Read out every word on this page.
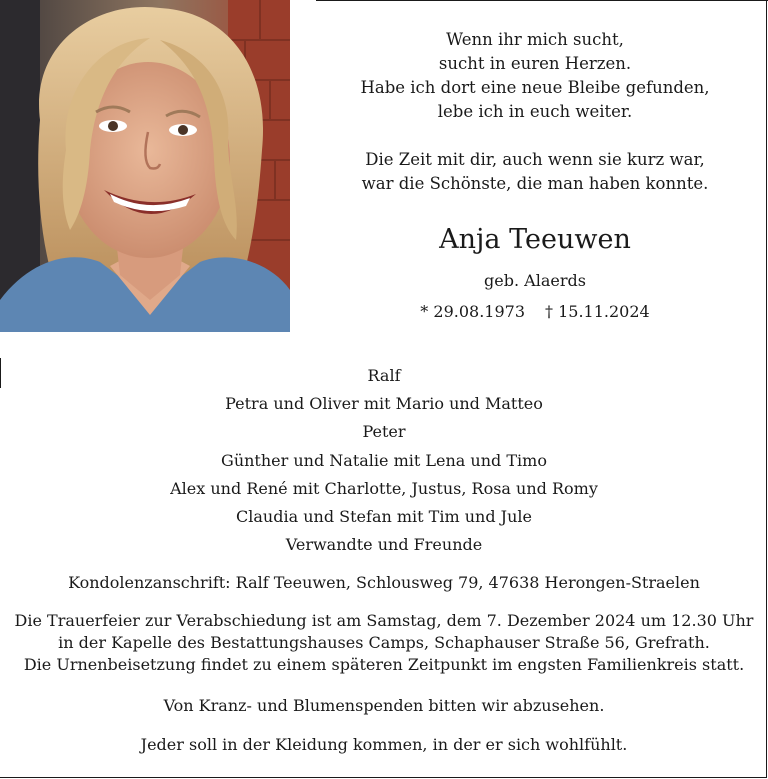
Wenn ihr mich sucht,

sucht in euren Herzen.

Habe ich dort eine neue Bleibe gefunden,

lebe ich in euch weiter.

Die Zeit mit dir, auch wenn sie kurz war,

war die Schönste, die man haben konnte.

Anja Teeuwen
geb. Alaerds
* 29.08.1973 † 15.11.2024

Ralf

Petra und Oliver mit Mario und Matteo

Peter

Günther und Natalie mit Lena und Timo

Alex und René mit Charlotte, Justus, Rosa und Romy

Claudia und Stefan mit Tim und Jule

Verwandte und Freunde

Kondolenzanschrift: Ralf Teeuwen, Schlousweg 79, 47638 Herongen-Straelen

Die Trauerfeier zur Verabschiedung ist am Samstag, dem 7. Dezember 2024 um 12.30 Uhr

in der Kapelle des Bestattungshauses Camps, Schaphauser Straße 56, Grefrath.

Die Urnenbeisetzung findet zu einem späteren Zeitpunkt im engsten Familienkreis statt.

Von Kranz- und Blumenspenden bitten wir abzusehen.

Jeder soll in der Kleidung kommen, in der er sich wohlfühlt.
